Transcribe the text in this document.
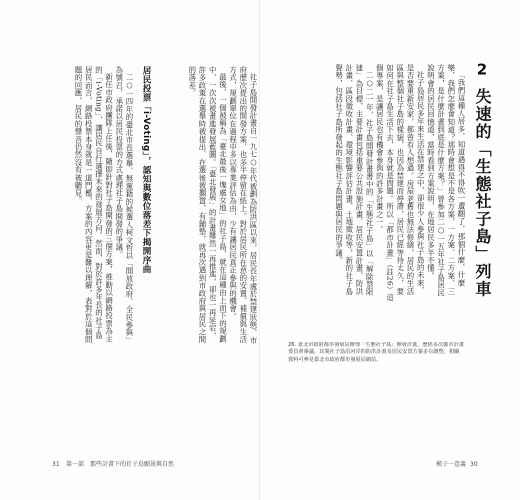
社子島開發計畫自一九七○年代被劃為防洪區以來，居民長年處於禁建狀態，市府歷次提出的開發方案，也多半停留在紙上。對於居民所在意的安置、補償與生活方式，規劃單位在過程中多以專業評估為由，少有讓居民真正參與的機會。

最後，一個被稱為「臺北最後一塊處女地」的社子島，就在這種由上而下的規劃中，一次次被畫進發展藍圖。「臺北發展」的計畫雖然一再推進，卻也一再延宕，許多政策在選舉時被提出、在選後被擱置，有鋪墊，就再次遇到市政府與居民之間的落差。

居民投票「i-Voting」，認知與數位落差下揭開序曲

二○一四年的臺北市長選舉，無黨籍的候選人柯文哲以「開放政府、全民參與」為號召，承諾以居民投票的方式處理社子島開發的爭議。

新任市政府團隊上任後，隨即針對社子島開發的三個方案，推動以網路投票為主的「i-Voting」，讓居民自行選擇未來的發展方向。然而，對於許多年長的社子島居民而言，網路投票本身就是一道門檻，方案的內容更是難以理解，表對於這個問題的回應，居民的聲音仍然沒有被聽見。

31 第一部　那些計畫下的社子島願景與自然
2 失速的「生態社子島」列車

「我們這種人居多，知道遇得不得吹一遭翻了，那個什麼、什麼樂，我們怎麼會知道？那時會想是不是各方案，一方案、二方案、三方案，是什麼計畫到底是什麼方案？」曾參加二○一五年社子島居民說明會的居民回憶道，當時看到方案說明，在地居民多半不懂。

社子島居民多年來生活在禁建之中，卻很少人參與社子島的未來，是否要重新安家，都曾有人想過。房屋老舊也無法修繕，居民的生活區與整個社子島的樣貌，也因為禁建而停滯，居民已經等待太久，要如何在社子島生活下去，本身就是問題。所以「都市計畫」（註26）這個專案，是讓居民也有機會參與的許多計畫之一。

二○二一年，社子島開發計畫書中的「生態社子島」以「解除禁限建」為目標，主要計畫包括重要公共設施計畫、居民安置計畫、防洪計畫、區段徵收計畫、環境影響評估計畫、土地徵收等，新的社子島聲勢，包括社子島所發起的生態社子島問題與居民的爭議。

26. 臺北市政府都市發展局辦理「生態社子島」開發計畫，歷經多次都市計畫委員會審議，其間社子島沿河岸的防洪計畫及居民安置方案多有調整，相關資料可參見臺北市政府都市發展局網站。
楔子一意義 30
